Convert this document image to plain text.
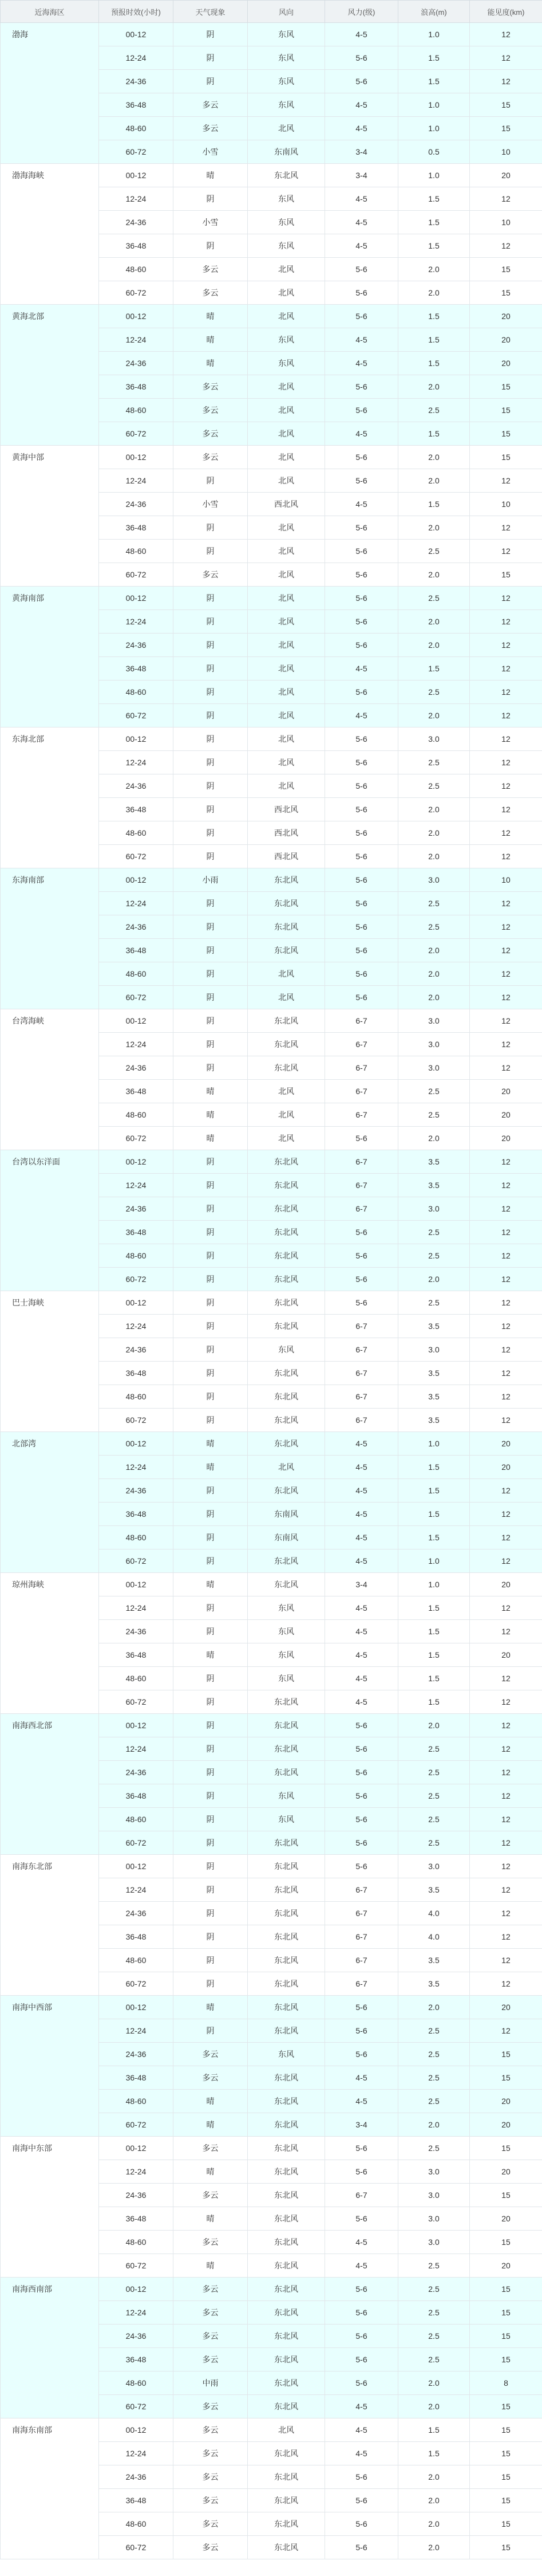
近海海区	预报时效(小时)	天气现象	风向	风力(级)	浪高(m)	能见度(km)
渤海	00-12	阴	东风	4-5	1.0	12
	12-24	阴	东风	5-6	1.5	12
	24-36	阴	东风	5-6	1.5	12
	36-48	多云	东风	4-5	1.0	15
	48-60	多云	北风	4-5	1.0	15
	60-72	小雪	东南风	3-4	0.5	10
渤海海峡	00-12	晴	东北风	3-4	1.0	20
	12-24	阴	东风	4-5	1.5	12
	24-36	小雪	东风	4-5	1.5	10
	36-48	阴	东风	4-5	1.5	12
	48-60	多云	北风	5-6	2.0	15
	60-72	多云	北风	5-6	2.0	15
黄海北部	00-12	晴	北风	5-6	1.5	20
	12-24	晴	东风	4-5	1.5	20
	24-36	晴	东风	4-5	1.5	20
	36-48	多云	北风	5-6	2.0	15
	48-60	多云	北风	5-6	2.5	15
	60-72	多云	北风	4-5	1.5	15
黄海中部	00-12	多云	北风	5-6	2.0	15
	12-24	阴	北风	5-6	2.0	12
	24-36	小雪	西北风	4-5	1.5	10
	36-48	阴	北风	5-6	2.0	12
	48-60	阴	北风	5-6	2.5	12
	60-72	多云	北风	5-6	2.0	15
黄海南部	00-12	阴	北风	5-6	2.5	12
	12-24	阴	北风	5-6	2.0	12
	24-36	阴	北风	5-6	2.0	12
	36-48	阴	北风	4-5	1.5	12
	48-60	阴	北风	5-6	2.5	12
	60-72	阴	北风	4-5	2.0	12
东海北部	00-12	阴	北风	5-6	3.0	12
	12-24	阴	北风	5-6	2.5	12
	24-36	阴	北风	5-6	2.5	12
	36-48	阴	西北风	5-6	2.0	12
	48-60	阴	西北风	5-6	2.0	12
	60-72	阴	西北风	5-6	2.0	12
东海南部	00-12	小雨	东北风	5-6	3.0	10
	12-24	阴	东北风	5-6	2.5	12
	24-36	阴	东北风	5-6	2.5	12
	36-48	阴	东北风	5-6	2.0	12
	48-60	阴	北风	5-6	2.0	12
	60-72	阴	北风	5-6	2.0	12
台湾海峡	00-12	阴	东北风	6-7	3.0	12
	12-24	阴	东北风	6-7	3.0	12
	24-36	阴	东北风	6-7	3.0	12
	36-48	晴	北风	6-7	2.5	20
	48-60	晴	北风	6-7	2.5	20
	60-72	晴	北风	5-6	2.0	20
台湾以东洋面	00-12	阴	东北风	6-7	3.5	12
	12-24	阴	东北风	6-7	3.5	12
	24-36	阴	东北风	6-7	3.0	12
	36-48	阴	东北风	5-6	2.5	12
	48-60	阴	东北风	5-6	2.5	12
	60-72	阴	东北风	5-6	2.0	12
巴士海峡	00-12	阴	东北风	5-6	2.5	12
	12-24	阴	东北风	6-7	3.5	12
	24-36	阴	东风	6-7	3.0	12
	36-48	阴	东北风	6-7	3.5	12
	48-60	阴	东北风	6-7	3.5	12
	60-72	阴	东北风	6-7	3.5	12
北部湾	00-12	晴	东北风	4-5	1.0	20
	12-24	晴	北风	4-5	1.5	20
	24-36	阴	东北风	4-5	1.5	12
	36-48	阴	东南风	4-5	1.5	12
	48-60	阴	东南风	4-5	1.5	12
	60-72	阴	东北风	4-5	1.0	12
琼州海峡	00-12	晴	东北风	3-4	1.0	20
	12-24	阴	东风	4-5	1.5	12
	24-36	阴	东风	4-5	1.5	12
	36-48	晴	东风	4-5	1.5	20
	48-60	阴	东风	4-5	1.5	12
	60-72	阴	东北风	4-5	1.5	12
南海西北部	00-12	阴	东北风	5-6	2.0	12
	12-24	阴	东北风	5-6	2.5	12
	24-36	阴	东北风	5-6	2.5	12
	36-48	阴	东风	5-6	2.5	12
	48-60	阴	东风	5-6	2.5	12
	60-72	阴	东北风	5-6	2.5	12
南海东北部	00-12	阴	东北风	5-6	3.0	12
	12-24	阴	东北风	6-7	3.5	12
	24-36	阴	东北风	6-7	4.0	12
	36-48	阴	东北风	6-7	4.0	12
	48-60	阴	东北风	6-7	3.5	12
	60-72	阴	东北风	6-7	3.5	12
南海中西部	00-12	晴	东北风	5-6	2.0	20
	12-24	阴	东北风	5-6	2.5	12
	24-36	多云	东风	5-6	2.5	15
	36-48	多云	东北风	4-5	2.5	15
	48-60	晴	东北风	4-5	2.5	20
	60-72	晴	东北风	3-4	2.0	20
南海中东部	00-12	多云	东北风	5-6	2.5	15
	12-24	晴	东北风	5-6	3.0	20
	24-36	多云	东北风	6-7	3.0	15
	36-48	晴	东北风	5-6	3.0	20
	48-60	多云	东北风	4-5	3.0	15
	60-72	晴	东北风	4-5	2.5	20
南海西南部	00-12	多云	东北风	5-6	2.5	15
	12-24	多云	东北风	5-6	2.5	15
	24-36	多云	东北风	5-6	2.5	15
	36-48	多云	东北风	5-6	2.5	15
	48-60	中雨	东北风	5-6	2.0	8
	60-72	多云	东北风	4-5	2.0	15
南海东南部	00-12	多云	北风	4-5	1.5	15
	12-24	多云	东北风	4-5	1.5	15
	24-36	多云	东北风	5-6	2.0	15
	36-48	多云	东北风	5-6	2.0	15
	48-60	多云	东北风	5-6	2.0	15
	60-72	多云	东北风	5-6	2.0	15
